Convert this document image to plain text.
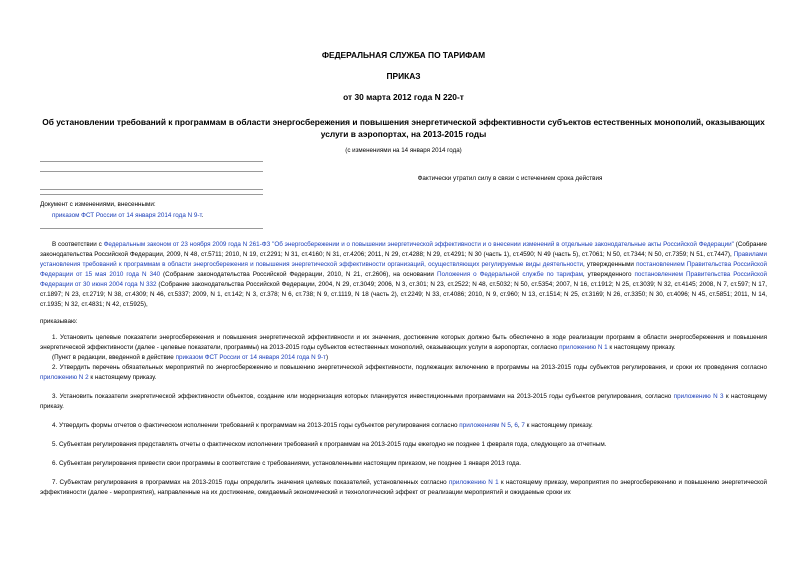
ФЕДЕРАЛЬНАЯ СЛУЖБА ПО ТАРИФАМ
ПРИКАЗ
от 30 марта 2012 года N 220-т
Об установлении требований к программам в области энергосбережения и повышения энергетической эффективности субъектов естественных монополий, оказывающих услуги в аэропортах, на 2013-2015 годы
(с изменениями на 14 января 2014 года)
Фактически утратил силу в связи с истечением срока действия
Документ с изменениями, внесенными:
приказом ФСТ России от 14 января 2014 года N 9-т.

В соответствии с Федеральным законом от 23 ноября 2009 года N 261-ФЗ "Об энергосбережении и о повышении энергетической эффективности и о внесении изменений в отдельные законодательные акты Российской Федерации" (Собрание законодательства Российской Федерации, 2009, N 48, ст.5711; 2010, N 19, ст.2291; N 31, ст.4160; N 31, ст.4206; 2011, N 29, ст.4288; N 29, ст.4291; N 30 (часть 1), ст.4590; N 49 (часть 5), ст.7061; N 50, ст.7344; N 50, ст.7359; N 51, ст.7447), Правилами установления требований к программам в области энергосбережения и повышения энергетической эффективности организаций, осуществляющих регулируемые виды деятельности, утвержденными постановлением Правительства Российской Федерации от 15 мая 2010 года N 340 (Собрание законодательства Российской Федерации, 2010, N 21, ст.2606), на основании Положения о Федеральной службе по тарифам, утвержденного постановлением Правительства Российской Федерации от 30 июня 2004 года N 332 (Собрание законодательства Российской Федерации, 2004, N 29, ст.3049; 2006, N 3, ст.301; N 23, ст.2522; N 48, ст.5032; N 50, ст.5354; 2007, N 16, ст.1912; N 25, ст.3039; N 32, ст.4145; 2008, N 7, ст.597; N 17, ст.1897; N 23, ст.2719; N 38, ст.4309; N 46, ст.5337; 2009, N 1, ст.142; N 3, ст.378; N 6, ст.738; N 9, ст.1119, N 18 (часть 2), ст.2249; N 33, ст.4086; 2010, N 9, ст.960; N 13, ст.1514; N 25, ст.3169; N 26, ст.3350; N 30, ст.4096; N 45, ст.5851; 2011, N 14, ст.1935; N 32, ст.4831; N 42, ст.5925),

приказываю:

1. Установить целевые показатели энергосбережения и повышения энергетической эффективности и их значения, достижение которых должно быть обеспечено в ходе реализации программ в области энергосбережения и повышения энергетической эффективности (далее - целевые показатели, программы) на 2013-2015 годы субъектов естественных монополий, оказывающих услуги в аэропортах, согласно приложению N 1 к настоящему приказу.

(Пункт в редакции, введенной в действие приказом ФСТ России от 14 января 2014 года N 9-т)

2. Утвердить перечень обязательных мероприятий по энергосбережению и повышению энергетической эффективности, подлежащих включению в программы на 2013-2015 годы субъектов регулирования, и сроки их проведения согласно приложению N 2 к настоящему приказу.

3. Установить показатели энергетической эффективности объектов, создание или модернизация которых планируется инвестиционными программами на 2013-2015 годы субъектов регулирования, согласно приложению N 3 к настоящему приказу.

4. Утвердить формы отчетов о фактическом исполнении требований к программам на 2013-2015 годы субъектов регулирования согласно приложениям N 5, 6, 7 к настоящему приказу.

5. Субъектам регулирования представлять отчеты о фактическом исполнении требований к программам на 2013-2015 годы ежегодно не позднее 1 февраля года, следующего за отчетным.

6. Субъектам регулирования привести свои программы в соответствие с требованиями, установленными настоящим приказом, не позднее 1 января 2013 года.

7. Субъектам регулирования в программах на 2013-2015 годы определить значения целевых показателей, установленных согласно приложению N 1 к настоящему приказу, мероприятия по энергосбережению и повышению энергетической эффективности (далее - мероприятия), направленные на их достижение, ожидаемый экономический и технологический эффект от реализации мероприятий и ожидаемые сроки их
